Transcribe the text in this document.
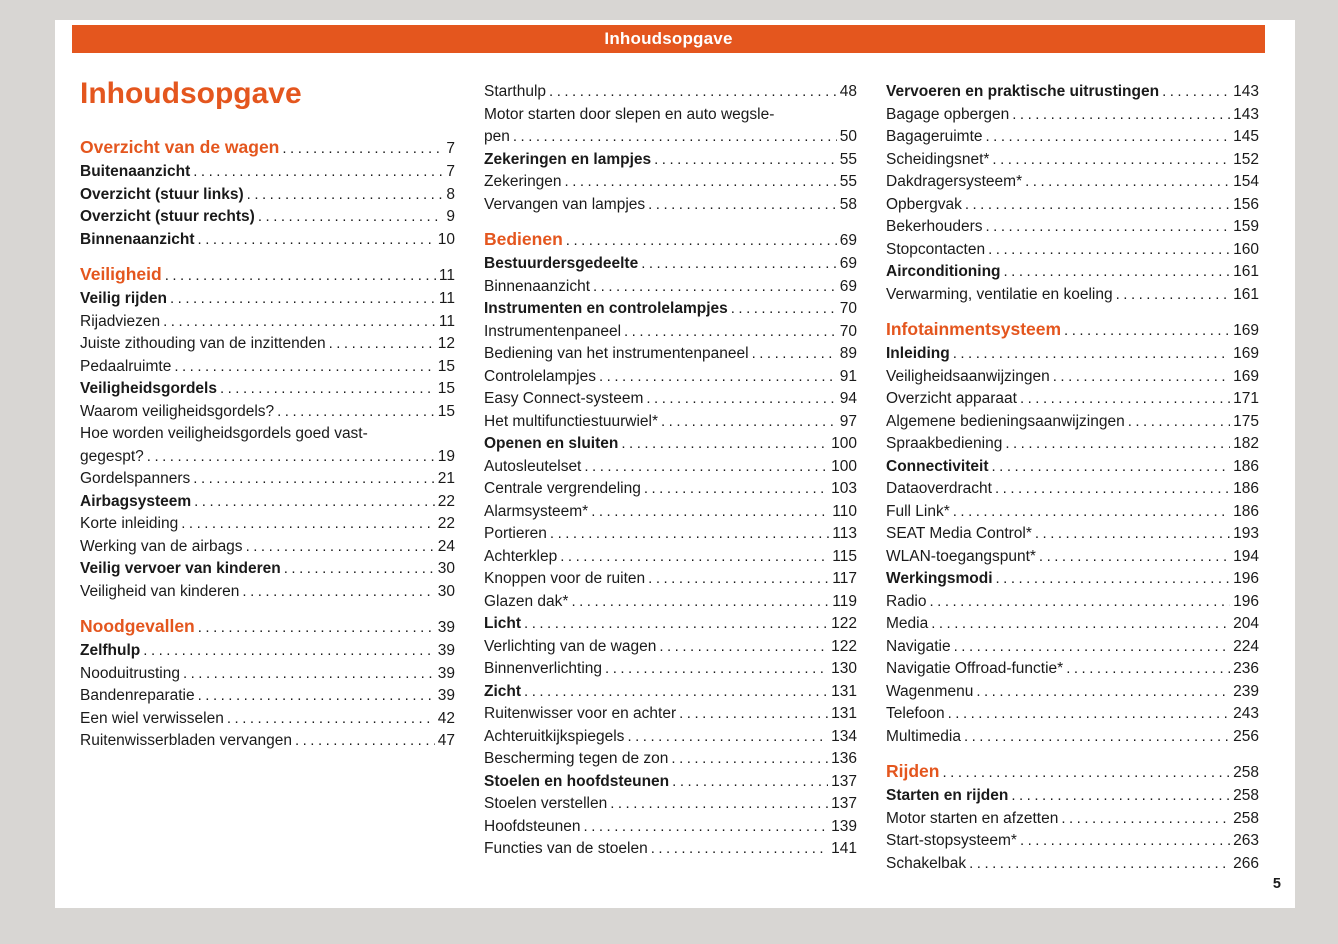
Inhoudsopgave
Inhoudsopgave
Overzicht van de wagen .....	7
Buitenaanzicht .....	7
Overzicht (stuur links) .....	8
Overzicht (stuur rechts) .....	9
Binnenaanzicht .....	10
Veiligheid .....	11
Veilig rijden .....	11
Rijadviezen .....	11
Juiste zithouding van de inzittenden .....	12
Pedaalruimte .....	15
Veiligheidsgordels .....	15
Waarom veiligheidsgordels? .....	15
Hoe worden veiligheidsgordels goed vast-
gegespt? .....	19
Gordelspanners .....	21
Airbagsysteem .....	22
Korte inleiding .....	22
Werking van de airbags .....	24
Veilig vervoer van kinderen .....	30
Veiligheid van kinderen .....	30
Noodgevallen .....	39
Zelfhulp .....	39
Nooduitrusting .....	39
Bandenreparatie .....	39
Een wiel verwisselen .....	42
Ruitenwisserbladen vervangen .....	47
Starthulp .....	48
Motor starten door slepen en auto wegsle-
pen .....	50
Zekeringen en lampjes .....	55
Zekeringen .....	55
Vervangen van lampjes .....	58
Bedienen .....	69
Bestuurdersgedeelte .....	69
Binnenaanzicht .....	69
Instrumenten en controlelampjes .....	70
Instrumentenpaneel .....	70
Bediening van het instrumentenpaneel .....	89
Controlelampjes .....	91
Easy Connect-systeem .....	94
Het multifunctiestuurwiel* .....	97
Openen en sluiten .....	100
Autosleutelset .....	100
Centrale vergrendeling .....	103
Alarmsysteem* .....	110
Portieren .....	113
Achterklep .....	115
Knoppen voor de ruiten .....	117
Glazen dak* .....	119
Licht .....	122
Verlichting van de wagen .....	122
Binnenverlichting .....	130
Zicht .....	131
Ruitenwisser voor en achter .....	131
Achteruitkijkspiegels .....	134
Bescherming tegen de zon .....	136
Stoelen en hoofdsteunen .....	137
Stoelen verstellen .....	137
Hoofdsteunen .....	139
Functies van de stoelen .....	141
Vervoeren en praktische uitrustingen .....	143
Bagage opbergen .....	143
Bagageruimte .....	145
Scheidingsnet* .....	152
Dakdragersysteem* .....	154
Opbergvak .....	156
Bekerhouders .....	159
Stopcontacten .....	160
Airconditioning .....	161
Verwarming, ventilatie en koeling .....	161
Infotainmentsysteem .....	169
Inleiding .....	169
Veiligheidsaanwijzingen .....	169
Overzicht apparaat .....	171
Algemene bedieningsaanwijzingen .....	175
Spraakbediening .....	182
Connectiviteit .....	186
Dataoverdracht .....	186
Full Link* .....	186
SEAT Media Control* .....	193
WLAN-toegangspunt* .....	194
Werkingsmodi .....	196
Radio .....	196
Media .....	204
Navigatie .....	224
Navigatie Offroad-functie* .....	236
Wagenmenu .....	239
Telefoon .....	243
Multimedia .....	256
Rijden .....	258
Starten en rijden .....	258
Motor starten en afzetten .....	258
Start-stopsysteem* .....	263
Schakelbak .....	266
5
